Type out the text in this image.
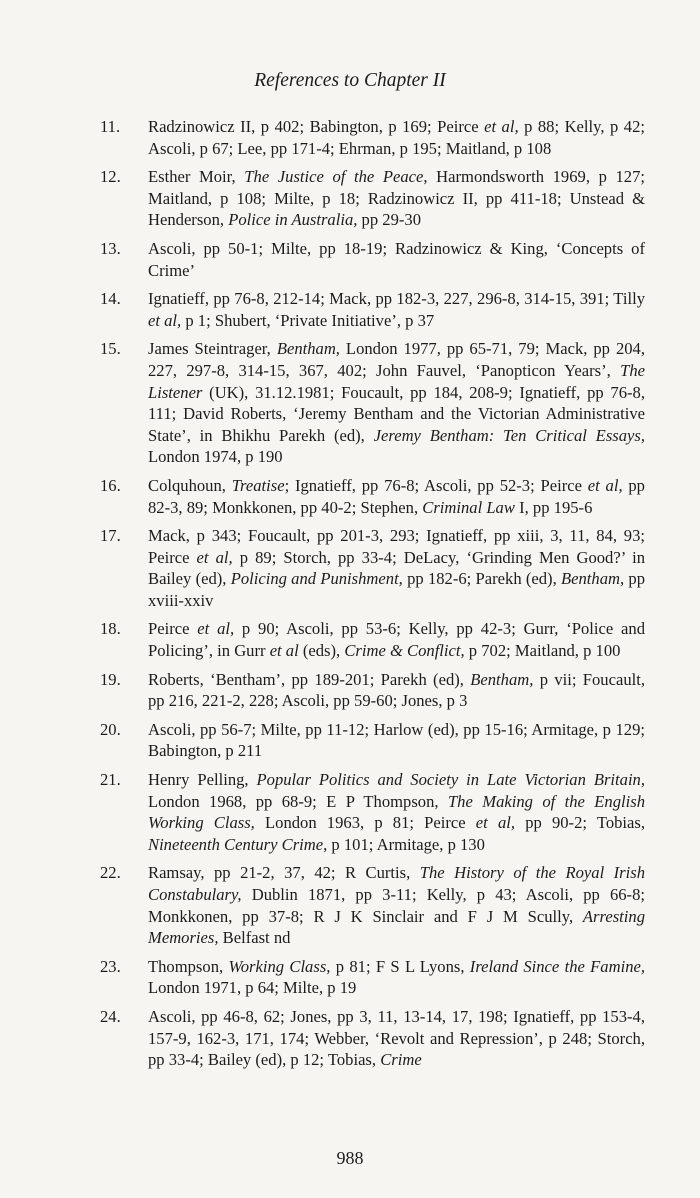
References to Chapter II
11. Radzinowicz II, p 402; Babington, p 169; Peirce et al, p 88; Kelly, p 42; Ascoli, p 67; Lee, pp 171-4; Ehrman, p 195; Maitland, p 108
12. Esther Moir, The Justice of the Peace, Harmondsworth 1969, p 127; Maitland, p 108; Milte, p 18; Radzinowicz II, pp 411-18; Unstead & Henderson, Police in Australia, pp 29-30
13. Ascoli, pp 50-1; Milte, pp 18-19; Radzinowicz & King, ‘Concepts of Crime’
14. Ignatieff, pp 76-8, 212-14; Mack, pp 182-3, 227, 296-8, 314-15, 391; Tilly et al, p 1; Shubert, ‘Private Initiative’, p 37
15. James Steintrager, Bentham, London 1977, pp 65-71, 79; Mack, pp 204, 227, 297-8, 314-15, 367, 402; John Fauvel, ‘Panopticon Years’, The Listener (UK), 31.12.1981; Foucault, pp 184, 208-9; Ignatieff, pp 76-8, 111; David Roberts, ‘Jeremy Bentham and the Victorian Administrative State’, in Bhikhu Parekh (ed), Jeremy Bentham: Ten Critical Essays, London 1974, p 190
16. Colquhoun, Treatise; Ignatieff, pp 76-8; Ascoli, pp 52-3; Peirce et al, pp 82-3, 89; Monkkonen, pp 40-2; Stephen, Criminal Law I, pp 195-6
17. Mack, p 343; Foucault, pp 201-3, 293; Ignatieff, pp xiii, 3, 11, 84, 93; Peirce et al, p 89; Storch, pp 33-4; DeLacy, ‘Grinding Men Good?’ in Bailey (ed), Policing and Punishment, pp 182-6; Parekh (ed), Bentham, pp xviii-xxiv
18. Peirce et al, p 90; Ascoli, pp 53-6; Kelly, pp 42-3; Gurr, ‘Police and Policing’, in Gurr et al (eds), Crime & Conflict, p 702; Maitland, p 100
19. Roberts, ‘Bentham’, pp 189-201; Parekh (ed), Bentham, p vii; Foucault, pp 216, 221-2, 228; Ascoli, pp 59-60; Jones, p 3
20. Ascoli, pp 56-7; Milte, pp 11-12; Harlow (ed), pp 15-16; Armitage, p 129; Babington, p 211
21. Henry Pelling, Popular Politics and Society in Late Victorian Britain, London 1968, pp 68-9; E P Thompson, The Making of the English Working Class, London 1963, p 81; Peirce et al, pp 90-2; Tobias, Nineteenth Century Crime, p 101; Armitage, p 130
22. Ramsay, pp 21-2, 37, 42; R Curtis, The History of the Royal Irish Constabulary, Dublin 1871, pp 3-11; Kelly, p 43; Ascoli, pp 66-8; Monkkonen, pp 37-8; R J K Sinclair and F J M Scully, Arresting Memories, Belfast nd
23. Thompson, Working Class, p 81; F S L Lyons, Ireland Since the Famine, London 1971, p 64; Milte, p 19
24. Ascoli, pp 46-8, 62; Jones, pp 3, 11, 13-14, 17, 198; Ignatieff, pp 153-4, 157-9, 162-3, 171, 174; Webber, ‘Revolt and Repression’, p 248; Storch, pp 33-4; Bailey (ed), p 12; Tobias, Crime
988
